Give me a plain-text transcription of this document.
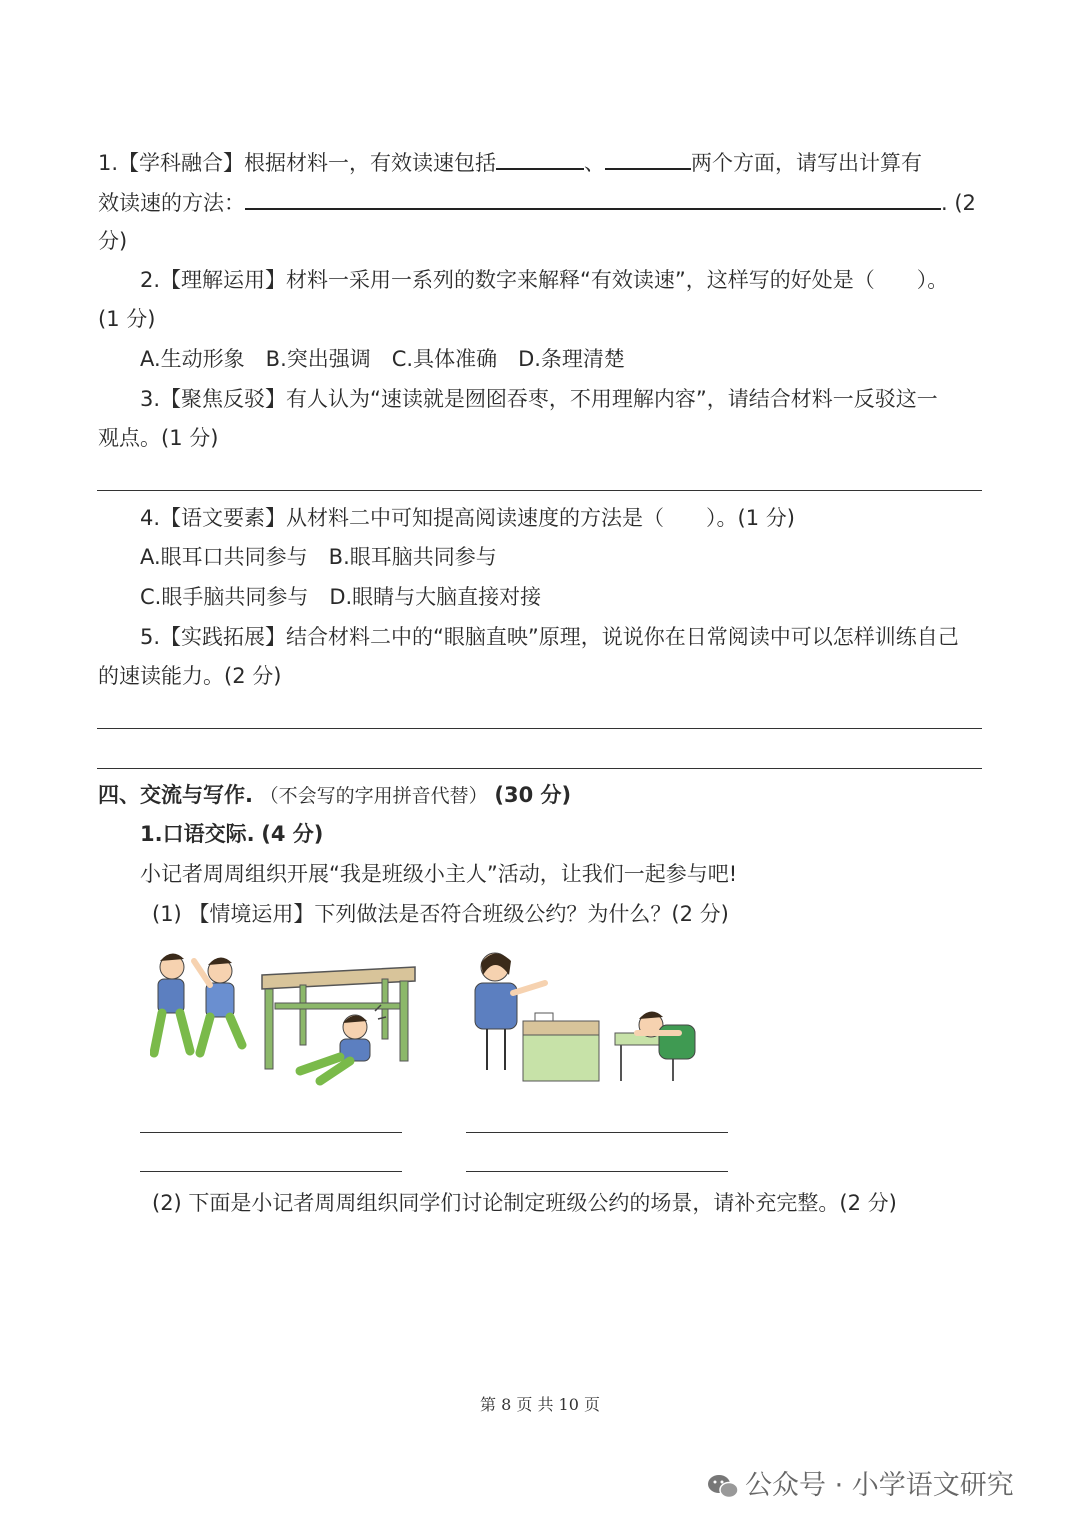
1.【学科融合】根据材料一，有效读速包括	、	两个方面，请写出计算有
效读速的方法：	. (2
分)
2.【理解运用】材料一采用一系列的数字来解释“有效读速”，这样写的好处是（　　）。
(1 分)
A.生动形象　B.突出强调　C.具体准确　D.条理清楚
3.【聚焦反驳】有人认为“速读就是囫囵吞枣，不用理解内容”，请结合材料一反驳这一
观点。(1 分)
4.【语文要素】从材料二中可知提高阅读速度的方法是（　　）。(1 分)
A.眼耳口共同参与　B.眼耳脑共同参与
C.眼手脑共同参与　D.眼睛与大脑直接对接
5.【实践拓展】结合材料二中的“眼脑直映”原理，说说你在日常阅读中可以怎样训练自己
的速读能力。(2 分)
四、交流与写作. （不会写的字用拼音代替） (30 分)
1.口语交际. (4 分)
小记者周周组织开展“我是班级小主人”活动，让我们一起参与吧!
(1) 【情境运用】下列做法是否符合班级公约？为什么？(2 分)
(2) 下面是小记者周周组织同学们讨论制定班级公约的场景，请补充完整。(2 分)
第 8 页 共 10 页
公众号 · 小学语文研究
